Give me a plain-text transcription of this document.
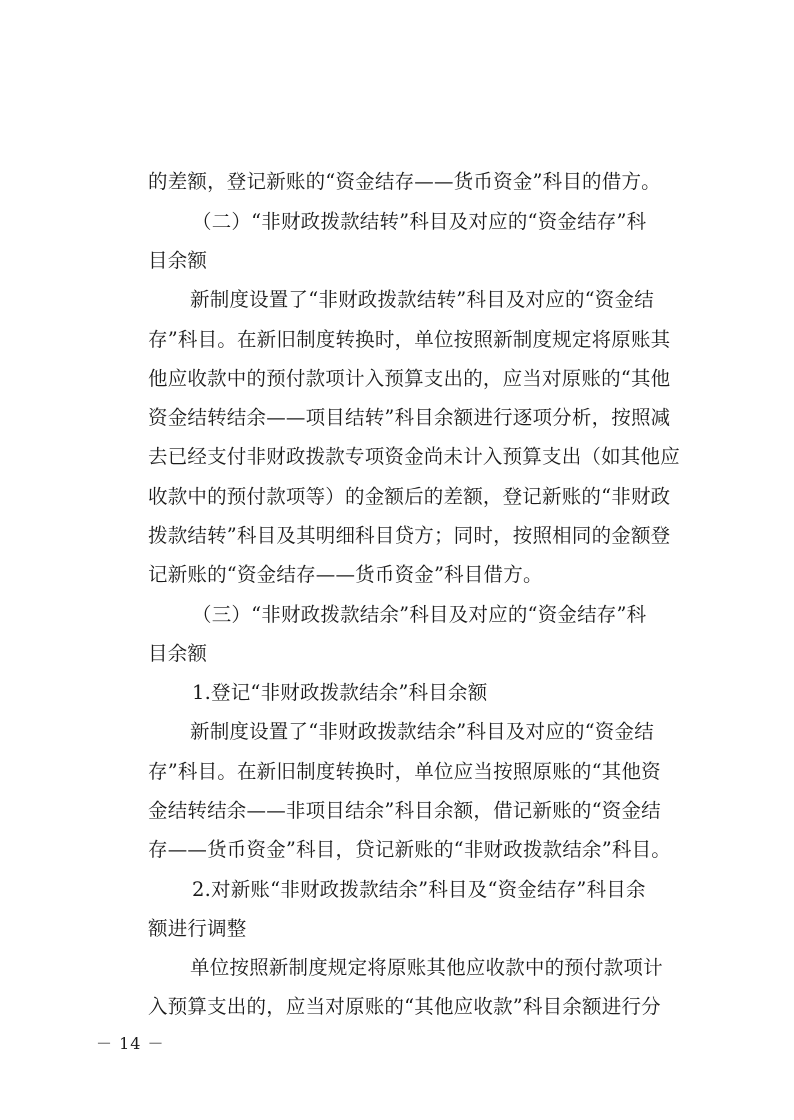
的差额，登记新账的“资金结存——货币资金”科目的借方。
（二）“非财政拨款结转”科目及对应的“资金结存”科
目余额
新制度设置了“非财政拨款结转”科目及对应的“资金结
存”科目。在新旧制度转换时，单位按照新制度规定将原账其
他应收款中的预付款项计入预算支出的，应当对原账的“其他
资金结转结余——项目结转”科目余额进行逐项分析，按照减
去已经支付非财政拨款专项资金尚未计入预算支出（如其他应
收款中的预付款项等）的金额后的差额，登记新账的“非财政
拨款结转”科目及其明细科目贷方；同时，按照相同的金额登
记新账的“资金结存——货币资金”科目借方。
（三）“非财政拨款结余”科目及对应的“资金结存”科
目余额
1.登记“非财政拨款结余”科目余额
新制度设置了“非财政拨款结余”科目及对应的“资金结
存”科目。在新旧制度转换时，单位应当按照原账的“其他资
金结转结余——非项目结余”科目余额，借记新账的“资金结
存——货币资金”科目，贷记新账的“非财政拨款结余”科目。
2.对新账“非财政拨款结余”科目及“资金结存”科目余
额进行调整
单位按照新制度规定将原账其他应收款中的预付款项计
入预算支出的，应当对原账的“其他应收款”科目余额进行分
－ 14 －
